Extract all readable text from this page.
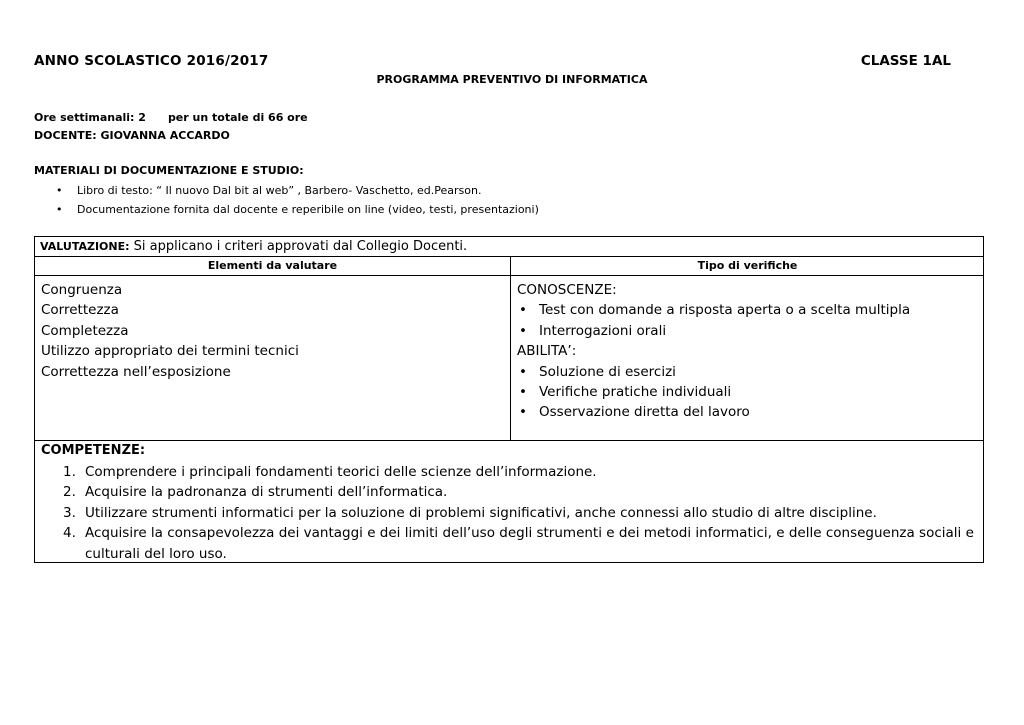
ANNO SCOLASTICO 2016/2017	CLASSE 1AL
PROGRAMMA PREVENTIVO DI INFORMATICA
Ore settimanali: 2 per un totale di 66 ore
DOCENTE: GIOVANNA ACCARDO
MATERIALI DI DOCUMENTAZIONE E STUDIO:
• Libro di testo: “ Il nuovo Dal bit al web” , Barbero- Vaschetto, ed.Pearson.
• Documentazione fornita dal docente e reperibile on line (video, testi, presentazioni)
VALUTAZIONE: Si applicano i criteri approvati dal Collegio Docenti.
Elementi da valutare	Tipo di verifiche
Congruenza
Correttezza
Completezza
Utilizzo appropriato dei termini tecnici
Correttezza nell’esposizione
CONOSCENZE:
• Test con domande a risposta aperta o a scelta multipla
• Interrogazioni orali
ABILITA’:
• Soluzione di esercizi
• Verifiche pratiche individuali
• Osservazione diretta del lavoro
COMPETENZE:
1. Comprendere i principali fondamenti teorici delle scienze dell’informazione.
2. Acquisire la padronanza di strumenti dell’informatica.
3. Utilizzare strumenti informatici per la soluzione di problemi significativi, anche connessi allo studio di altre discipline.
4. Acquisire la consapevolezza dei vantaggi e dei limiti dell’uso degli strumenti e dei metodi informatici, e delle conseguenza sociali e culturali del loro uso.
